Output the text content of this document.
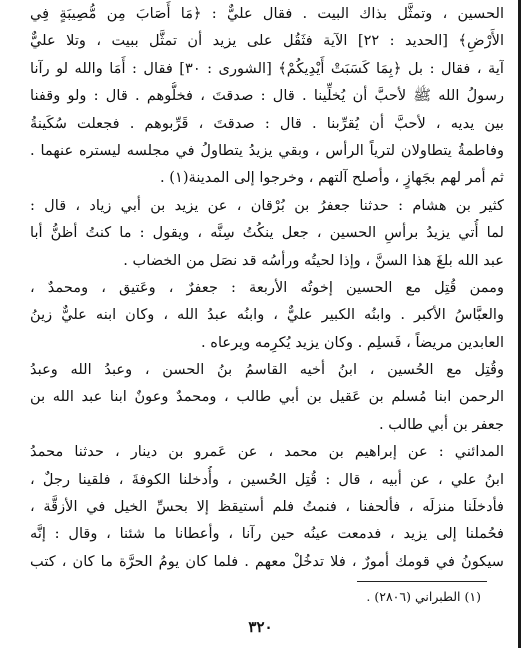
الحسين ، وتمثَّل بذاك البيت . فقال عليٌّ : ﴿مَا أَصَابَ مِن مُّصِيبَةٍ فِي
الأَرْضِ﴾ [الحديد : ٢٢] الآية فثَقُل على يزيد أن تمثَّل ببيت ، وتلا عليٌّ
آية ، فقال : بل ﴿بِمَا كَسَبَتْ أَيْدِيكُمْ﴾ [الشورى : ٣٠] فقال : أَمَا والله لو رآنا
رسولُ الله ﷺ لأحبَّ أن يُخلِّينا . قال : صدقتَ ، فخلُّوهم . قال : ولو وقفنا
بين يديه ، لأحبَّ أن يُقرِّبنا . قال : صدقتَ ، قَرِّبوهم . فجعلت سُكَينةُ
وفاطمةُ يتطاولان لترياً الرأس ، وبقي يزيدُ يتطاولُ في مجلسه ليستره عنهما .
ثم أمر لهم بجَهازٍ ، وأصلح آلتهم ، وخرجوا إلى المدينة(١) .
كثير بن هشام : حدثنا جعفرُ بن بُرْقان ، عن يزيد بن أبي زياد ، قال :
لما أُتي يزيدُ برأسِ الحسين ، جعل ينكُتُ سِنَّه ، ويقول : ما كنتُ أظنُّ أبا
عبد الله بلغَ هذا السنَّ ، وإذا لحيتُه ورأسُه قد نصَل من الخضاب .
وممن قُتِل مع الحسين إخوتُه الأربعة : جعفرٌ ، وعَتيق ، ومحمدٌ ،
والعبَّاسُ الأكبر . وابنُه الكبير عليٌّ ، وابنُه عبدُ الله ، وكان ابنه عليٌّ زينُ
العابدين مريضاً ، فَسلِم . وكان يزيد يُكرِمه ويرعاه .
وقُتِل مع الحُسين ، ابنُ أخيه القاسمُ بنُ الحسن ، وعبدُ الله وعبدُ
الرحمن ابنا مُسلم بن عَقيل بن أبي طالب ، ومحمدٌ وعونٌ ابنا عبد الله بن
جعفر بن أبي طالب .
المدائني : عن إبراهيم بن محمد ، عن عَمرو بن دينار ، حدثنا محمدُ
ابنُ علي ، عن أبيه ، قال : قُتِل الحُسين ، وأُدخلنا الكوفةَ ، فلقينا رجلٌ ،
فأدخلَنا منزلَه ، فألحفنا ، فنمتُ فلم أستيقظ إلا بحسِّ الخيل في الأزقَّة ،
فحُملنا إلى يزيد ، فدمعت عينُه حين رآنا ، وأعطانا ما شئنا ، وقال : إنَّه
سيكونُ في قومك أمورٌ ، فلا تدخُلْ معهم . فلما كان يومُ الحرَّة ما كان ، كتب
(١) الطبراني (٢٨٠٦) .
٣٢٠
